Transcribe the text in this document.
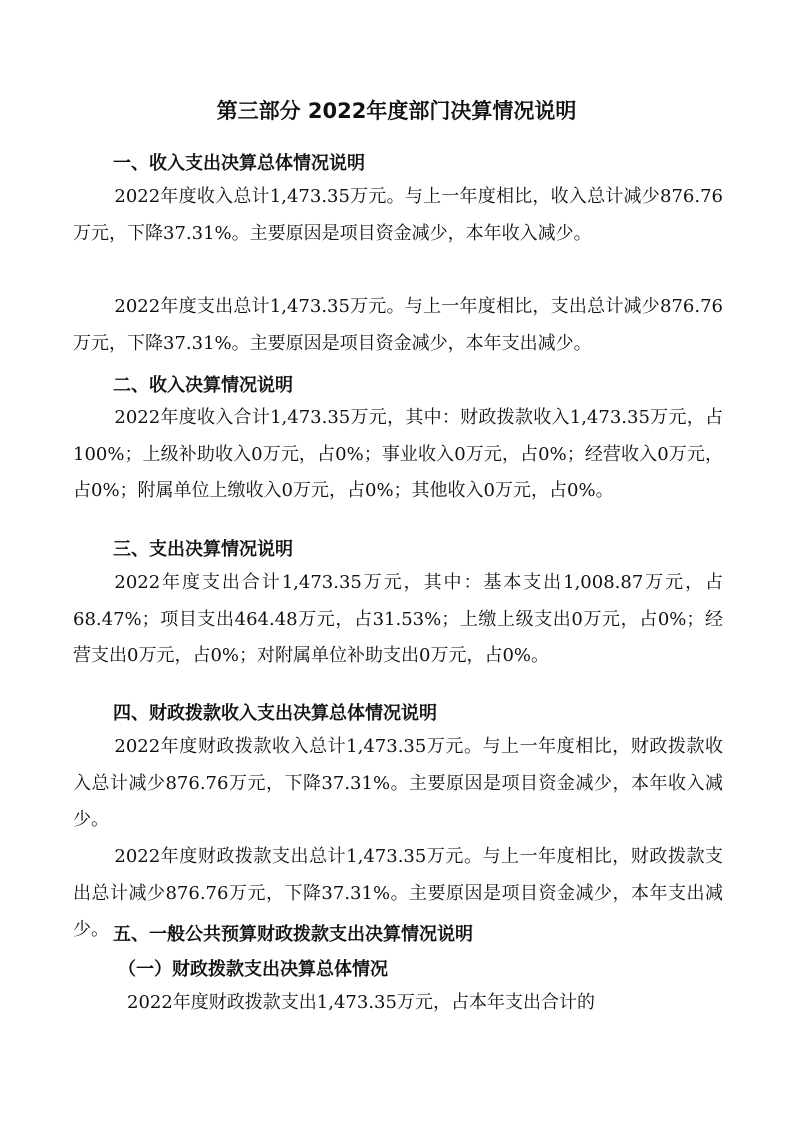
第三部分 2022年度部门决算情况说明
一、收入支出决算总体情况说明

2022年度收入总计1,473.35万元。与上一年度相比，收入总计减少876.76万元，下降37.31%。主要原因是项目资金减少，本年收入减少。

2022年度支出总计1,473.35万元。与上一年度相比，支出总计减少876.76万元，下降37.31%。主要原因是项目资金减少，本年支出减少。

二、收入决算情况说明

2022年度收入合计1,473.35万元，其中：财政拨款收入1,473.35万元，占100%；上级补助收入0万元，占0%；事业收入0万元，占0%；经营收入0万元，占0%；附属单位上缴收入0万元，占0%；其他收入0万元，占0%。

三、支出决算情况说明

2022年度支出合计1,473.35万元，其中：基本支出1,008.87万元，占68.47%；项目支出464.48万元，占31.53%；上缴上级支出0万元，占0%；经营支出0万元，占0%；对附属单位补助支出0万元，占0%。

四、财政拨款收入支出决算总体情况说明

2022年度财政拨款收入总计1,473.35万元。与上一年度相比，财政拨款收入总计减少876.76万元，下降37.31%。主要原因是项目资金减少，本年收入减少。

2022年度财政拨款支出总计1,473.35万元。与上一年度相比，财政拨款支出总计减少876.76万元，下降37.31%。主要原因是项目资金减少，本年支出减少。 五、一般公共预算财政拨款支出决算情况说明
（一）财政拨款支出决算总体情况

2022年度财政拨款支出1,473.35万元，占本年支出合计的
